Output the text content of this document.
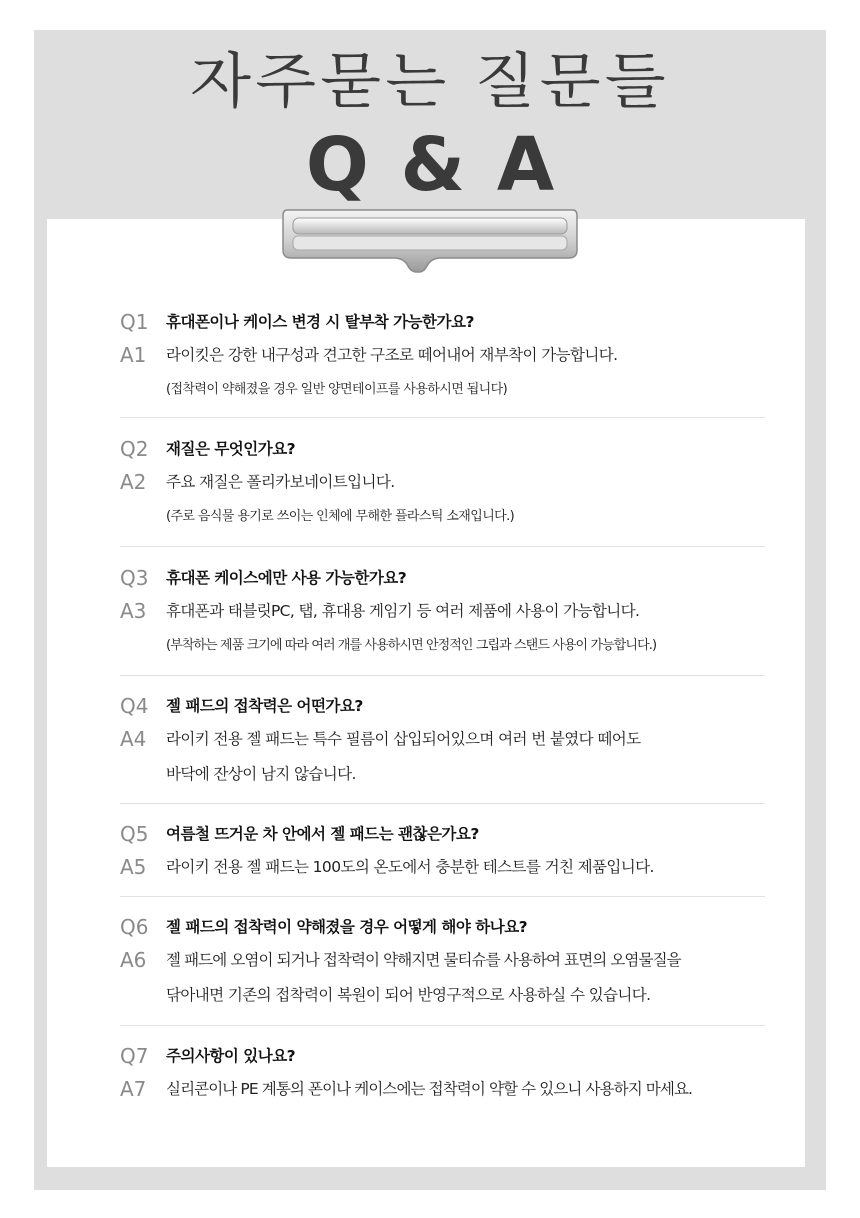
자주묻는 질문들
Q & A
Q1	휴대폰이나 케이스 변경 시 탈부착 가능한가요?
A1	라이킷은 강한 내구성과 견고한 구조로 떼어내어 재부착이 가능합니다.
(접착력이 약해졌을 경우 일반 양면테이프를 사용하시면 됩니다)
Q2	재질은 무엇인가요?
A2	주요 재질은 폴리카보네이트입니다.
(주로 음식물 용기로 쓰이는 인체에 무해한 플라스틱 소재입니다.)
Q3	휴대폰 케이스에만 사용 가능한가요?
A3	휴대폰과 태블릿PC, 탭, 휴대용 게임기 등 여러 제품에 사용이 가능합니다.
(부착하는 제품 크기에 따라 여러 개를 사용하시면 안정적인 그립과 스탠드 사용이 가능합니다.)
Q4	젤 패드의 접착력은 어떤가요?
A4	라이키 전용 젤 패드는 특수 필름이 삽입되어있으며 여러 번 붙였다 떼어도
바닥에 잔상이 남지 않습니다.
Q5	여름철 뜨거운 차 안에서 젤 패드는 괜찮은가요?
A5	라이키 전용 젤 패드는 100도의 온도에서 충분한 테스트를 거친 제품입니다.
Q6	젤 패드의 접착력이 약해졌을 경우 어떻게 해야 하나요?
A6	젤 패드에 오염이 되거나 접착력이 약해지면 물티슈를 사용하여 표면의 오염물질을
닦아내면 기존의 접착력이 복원이 되어 반영구적으로 사용하실 수 있습니다.
Q7	주의사항이 있나요?
A7	실리콘이나 PE 계통의 폰이나 케이스에는 접착력이 약할 수 있으니 사용하지 마세요.
